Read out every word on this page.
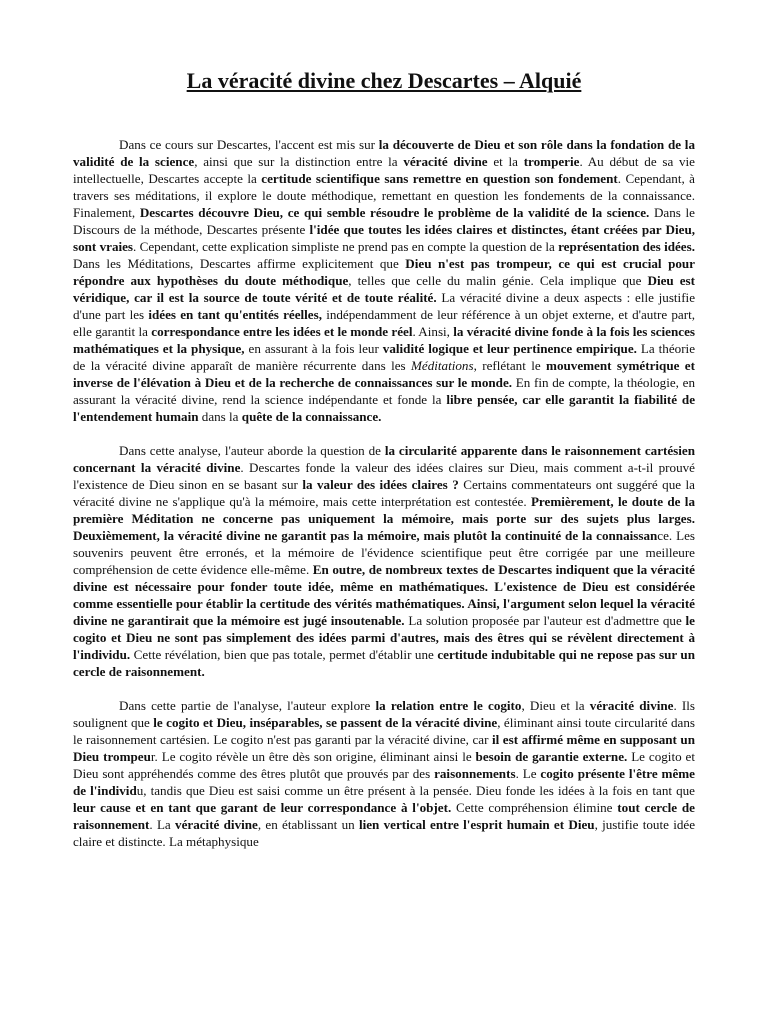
La véracité divine chez Descartes – Alquié

Dans ce cours sur Descartes, l'accent est mis sur la découverte de Dieu et son rôle dans la fondation de la validité de la science, ainsi que sur la distinction entre la véracité divine et la tromperie. Au début de sa vie intellectuelle, Descartes accepte la certitude scientifique sans remettre en question son fondement. Cependant, à travers ses méditations, il explore le doute méthodique, remettant en question les fondements de la connaissance. Finalement, Descartes découvre Dieu, ce qui semble résoudre le problème de la validité de la science. Dans le Discours de la méthode, Descartes présente l'idée que toutes les idées claires et distinctes, étant créées par Dieu, sont vraies. Cependant, cette explication simpliste ne prend pas en compte la question de la représentation des idées. Dans les Méditations, Descartes affirme explicitement que Dieu n'est pas trompeur, ce qui est crucial pour répondre aux hypothèses du doute méthodique, telles que celle du malin génie. Cela implique que Dieu est véridique, car il est la source de toute vérité et de toute réalité. La véracité divine a deux aspects : elle justifie d'une part les idées en tant qu'entités réelles, indépendamment de leur référence à un objet externe, et d'autre part, elle garantit la correspondance entre les idées et le monde réel. Ainsi, la véracité divine fonde à la fois les sciences mathématiques et la physique, en assurant à la fois leur validité logique et leur pertinence empirique. La théorie de la véracité divine apparaît de manière récurrente dans les Méditations, reflétant le mouvement symétrique et inverse de l'élévation à Dieu et de la recherche de connaissances sur le monde. En fin de compte, la théologie, en assurant la véracité divine, rend la science indépendante et fonde la libre pensée, car elle garantit la fiabilité de l'entendement humain dans la quête de la connaissance.

Dans cette analyse, l'auteur aborde la question de la circularité apparente dans le raisonnement cartésien concernant la véracité divine. Descartes fonde la valeur des idées claires sur Dieu, mais comment a-t-il prouvé l'existence de Dieu sinon en se basant sur la valeur des idées claires ? Certains commentateurs ont suggéré que la véracité divine ne s'applique qu'à la mémoire, mais cette interprétation est contestée. Premièrement, le doute de la première Méditation ne concerne pas uniquement la mémoire, mais porte sur des sujets plus larges. Deuxièmement, la véracité divine ne garantit pas la mémoire, mais plutôt la continuité de la connaissance. Les souvenirs peuvent être erronés, et la mémoire de l'évidence scientifique peut être corrigée par une meilleure compréhension de cette évidence elle-même. En outre, de nombreux textes de Descartes indiquent que la véracité divine est nécessaire pour fonder toute idée, même en mathématiques. L'existence de Dieu est considérée comme essentielle pour établir la certitude des vérités mathématiques. Ainsi, l'argument selon lequel la véracité divine ne garantirait que la mémoire est jugé insoutenable. La solution proposée par l'auteur est d'admettre que le cogito et Dieu ne sont pas simplement des idées parmi d'autres, mais des êtres qui se révèlent directement à l'individu. Cette révélation, bien que pas totale, permet d'établir une certitude indubitable qui ne repose pas sur un cercle de raisonnement.

Dans cette partie de l'analyse, l'auteur explore la relation entre le cogito, Dieu et la véracité divine. Ils soulignent que le cogito et Dieu, inséparables, se passent de la véracité divine, éliminant ainsi toute circularité dans le raisonnement cartésien. Le cogito n'est pas garanti par la véracité divine, car il est affirmé même en supposant un Dieu trompeur. Le cogito révèle un être dès son origine, éliminant ainsi le besoin de garantie externe. Le cogito et Dieu sont appréhendés comme des êtres plutôt que prouvés par des raisonnements. Le cogito présente l'être même de l'individu, tandis que Dieu est saisi comme un être présent à la pensée. Dieu fonde les idées à la fois en tant que leur cause et en tant que garant de leur correspondance à l'objet. Cette compréhension élimine tout cercle de raisonnement. La véracité divine, en établissant un lien vertical entre l'esprit humain et Dieu, justifie toute idée claire et distincte. La métaphysique
